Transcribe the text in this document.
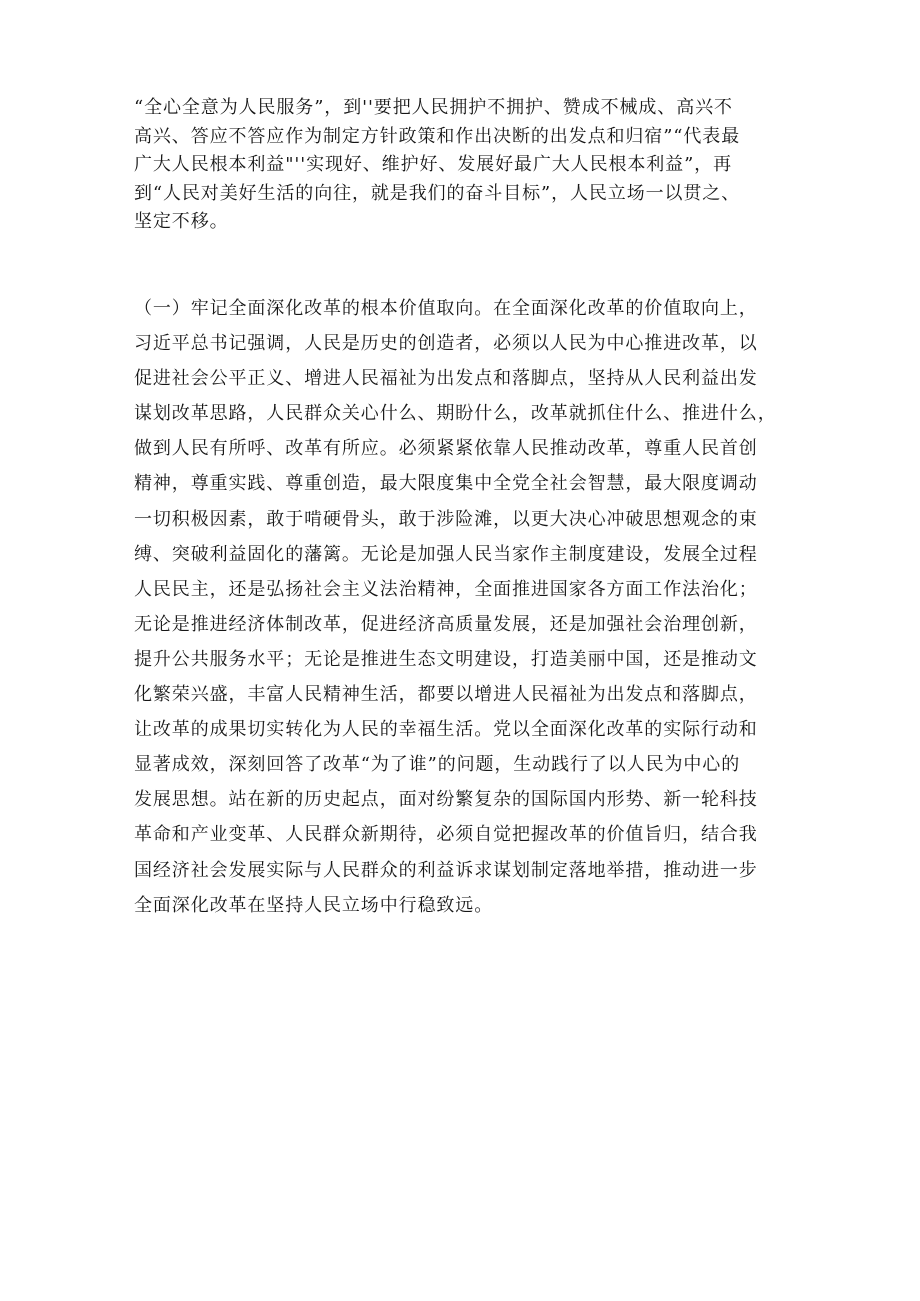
“全心全意为人民服务”，到''要把人民拥护不拥护、赞成不械成、高兴不
高兴、答应不答应作为制定方针政策和作出决断的出发点和归宿”“代表最
广大人民根本利益"''实现好、维护好、发展好最广大人民根本利益”，再
到“人民对美好生活的向往，就是我们的奋斗目标”，人民立场一以贯之、
坚定不移。
（一）牢记全面深化改革的根本价值取向。在全面深化改革的价值取向上，
习近平总书记强调，人民是历史的创造者，必须以人民为中心推进改革，以
促进社会公平正义、增进人民福祉为出发点和落脚点，坚持从人民利益出发
谋划改革思路，人民群众关心什么、期盼什么，改革就抓住什么、推进什么，
做到人民有所呼、改革有所应。必须紧紧依靠人民推动改革，尊重人民首创
精神，尊重实践、尊重创造，最大限度集中全党全社会智慧，最大限度调动
一切积极因素，敢于啃硬骨头，敢于涉险滩，以更大决心冲破思想观念的束
缚、突破利益固化的藩篱。无论是加强人民当家作主制度建设，发展全过程
人民民主，还是弘扬社会主义法治精神，全面推进国家各方面工作法治化；
无论是推进经济体制改革，促进经济高质量发展，还是加强社会治理创新，
提升公共服务水平；无论是推进生态文明建设，打造美丽中国，还是推动文
化繁荣兴盛，丰富人民精神生活，都要以增进人民福祉为出发点和落脚点，
让改革的成果切实转化为人民的幸福生活。党以全面深化改革的实际行动和
显著成效，深刻回答了改革“为了谁”的问题，生动践行了以人民为中心的
发展思想。站在新的历史起点，面对纷繁复杂的国际国内形势、新一轮科技
革命和产业变革、人民群众新期待，必须自觉把握改革的价值旨归，结合我
国经济社会发展实际与人民群众的利益诉求谋划制定落地举措，推动进一步
全面深化改革在坚持人民立场中行稳致远。
